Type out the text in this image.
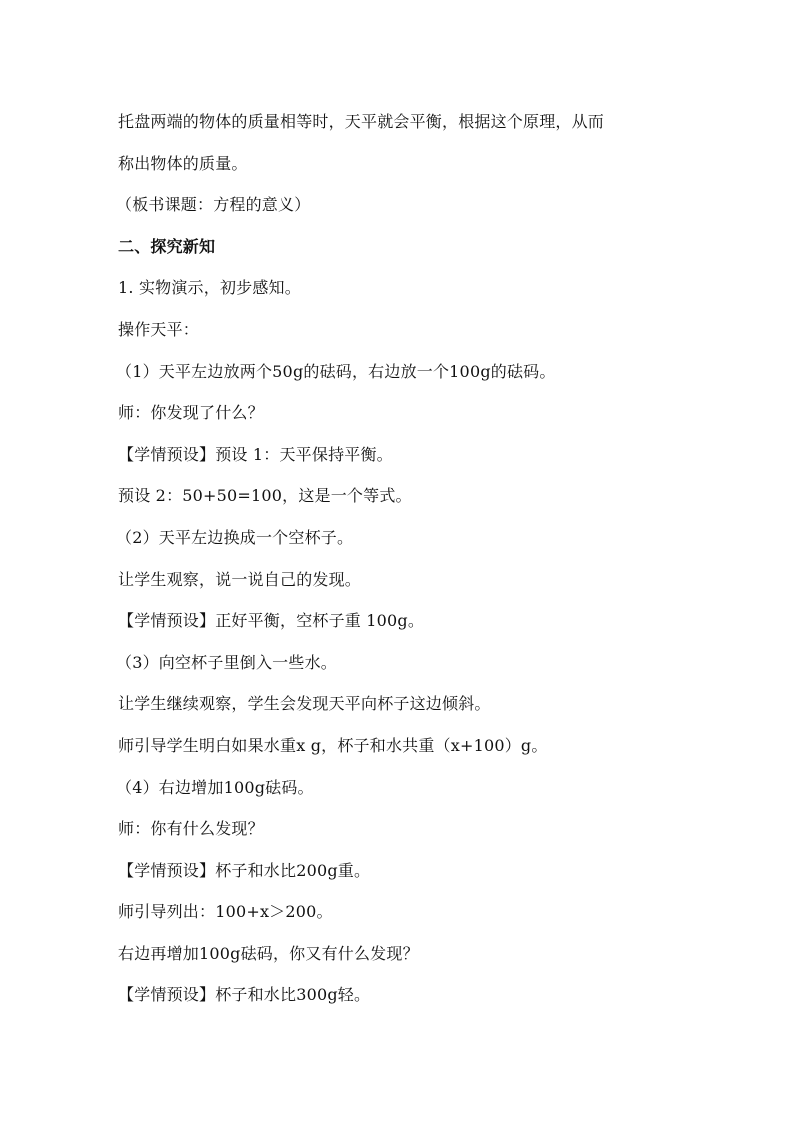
托盘两端的物体的质量相等时，天平就会平衡，根据这个原理，从而
称出物体的质量。
（板书课题：方程的意义）
二、探究新知
1. 实物演示，初步感知。
操作天平：
（1）天平左边放两个50g的砝码，右边放一个100g的砝码。
师：你发现了什么？
【学情预设】预设 1：天平保持平衡。
预设 2：50+50=100，这是一个等式。
（2）天平左边换成一个空杯子。
让学生观察，说一说自己的发现。
【学情预设】正好平衡，空杯子重 100g。
（3）向空杯子里倒入一些水。
让学生继续观察，学生会发现天平向杯子这边倾斜。
师引导学生明白如果水重x g，杯子和水共重（x+100）g。
（4）右边增加100g砝码。
师：你有什么发现？
【学情预设】杯子和水比200g重。
师引导列出：100+x＞200。
右边再增加100g砝码，你又有什么发现？
【学情预设】杯子和水比300g轻。
